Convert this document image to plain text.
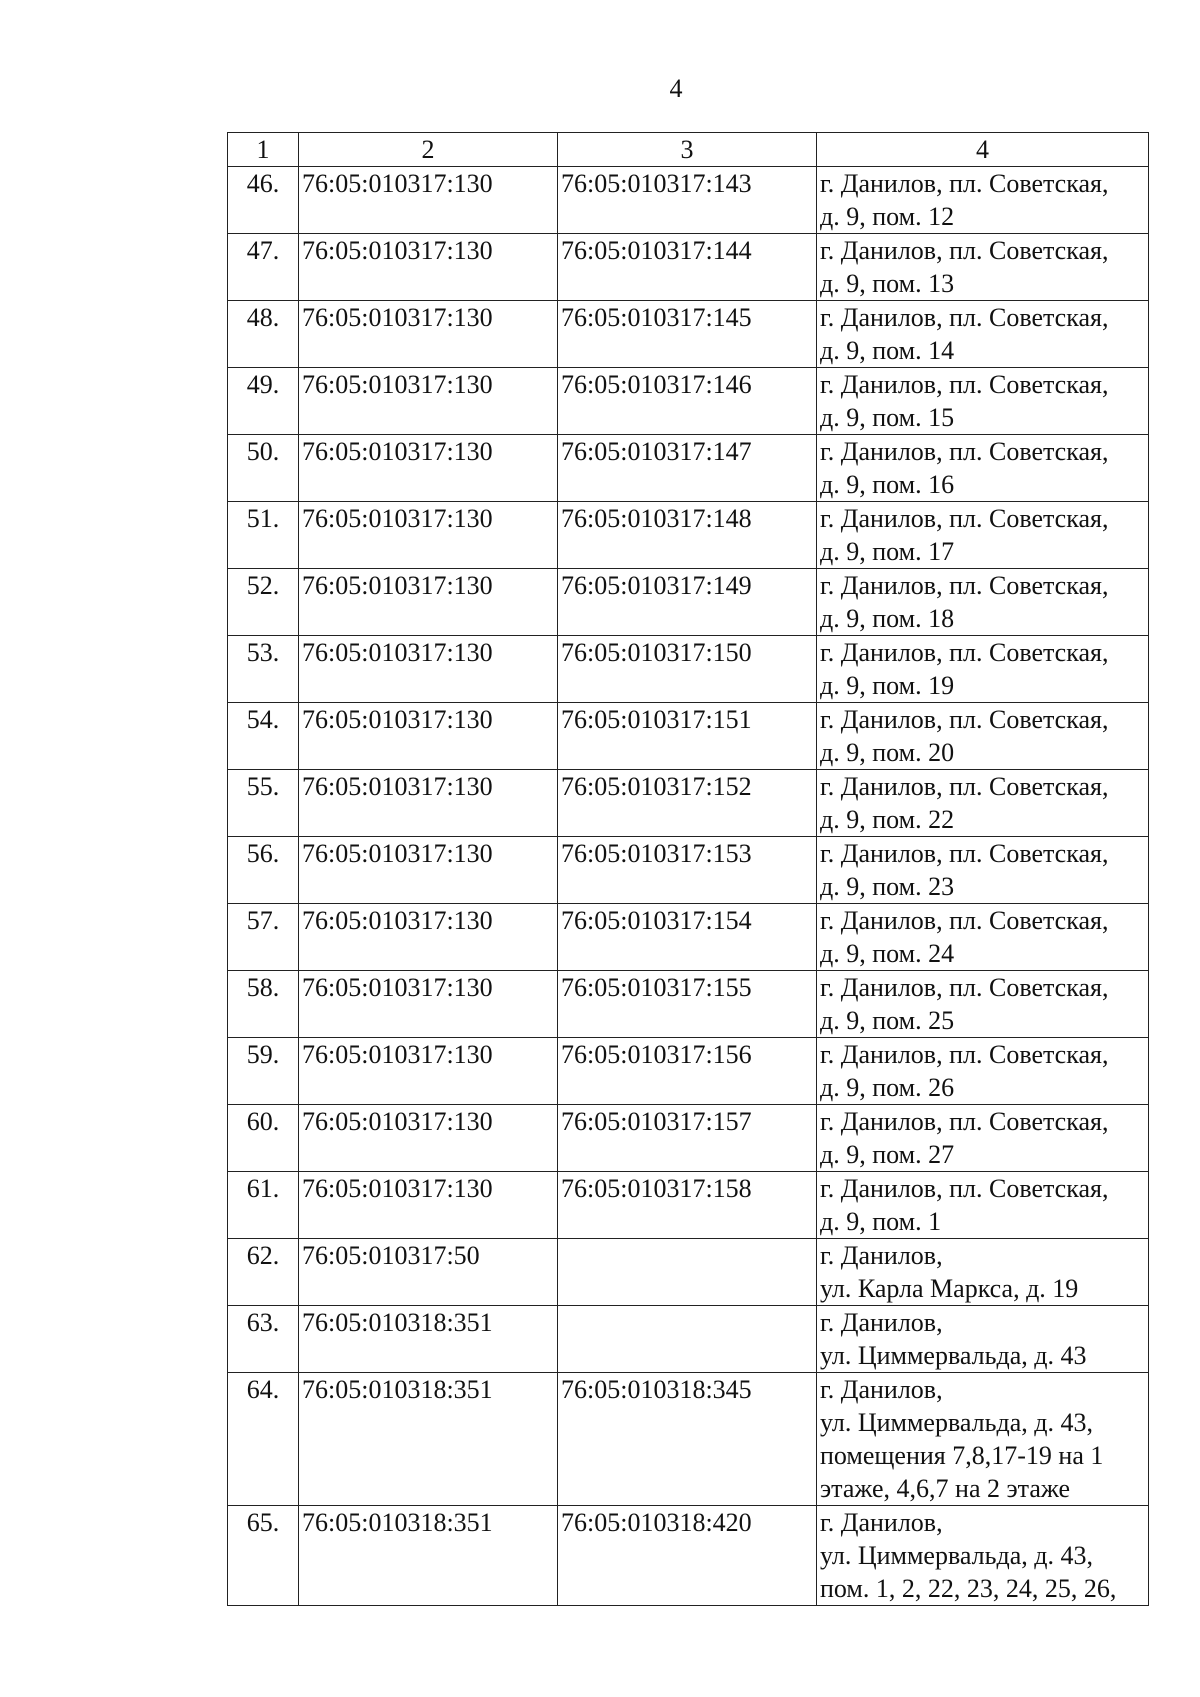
4
1	2	3	4
46.	76:05:010317:130	76:05:010317:143	г. Данилов, пл. Советская,
д. 9, пом. 12

47.	76:05:010317:130	76:05:010317:144	г. Данилов, пл. Советская,
д. 9, пом. 13

48.	76:05:010317:130	76:05:010317:145	г. Данилов, пл. Советская,
д. 9, пом. 14

49.	76:05:010317:130	76:05:010317:146	г. Данилов, пл. Советская,
д. 9, пом. 15

50.	76:05:010317:130	76:05:010317:147	г. Данилов, пл. Советская,
д. 9, пом. 16

51.	76:05:010317:130	76:05:010317:148	г. Данилов, пл. Советская,
д. 9, пом. 17

52.	76:05:010317:130	76:05:010317:149	г. Данилов, пл. Советская,
д. 9, пом. 18

53.	76:05:010317:130	76:05:010317:150	г. Данилов, пл. Советская,
д. 9, пом. 19

54.	76:05:010317:130	76:05:010317:151	г. Данилов, пл. Советская,
д. 9, пом. 20

55.	76:05:010317:130	76:05:010317:152	г. Данилов, пл. Советская,
д. 9, пом. 22

56.	76:05:010317:130	76:05:010317:153	г. Данилов, пл. Советская,
д. 9, пом. 23

57.	76:05:010317:130	76:05:010317:154	г. Данилов, пл. Советская,
д. 9, пом. 24

58.	76:05:010317:130	76:05:010317:155	г. Данилов, пл. Советская,
д. 9, пом. 25

59.	76:05:010317:130	76:05:010317:156	г. Данилов, пл. Советская,
д. 9, пом. 26

60.	76:05:010317:130	76:05:010317:157	г. Данилов, пл. Советская,
д. 9, пом. 27

61.	76:05:010317:130	76:05:010317:158	г. Данилов, пл. Советская,
д. 9, пом. 1

62.	76:05:010317:50		г. Данилов,
ул. Карла Маркса, д. 19

63.	76:05:010318:351		г. Данилов,
ул. Циммервальда, д. 43

64.	76:05:010318:351	76:05:010318:345	г. Данилов,
ул. Циммервальда, д. 43,
помещения 7,8,17-19 на 1
этаже, 4,6,7 на 2 этаже

65.	76:05:010318:351	76:05:010318:420	г. Данилов,
ул. Циммервальда, д. 43,
пом. 1, 2, 22, 23, 24, 25, 26,
